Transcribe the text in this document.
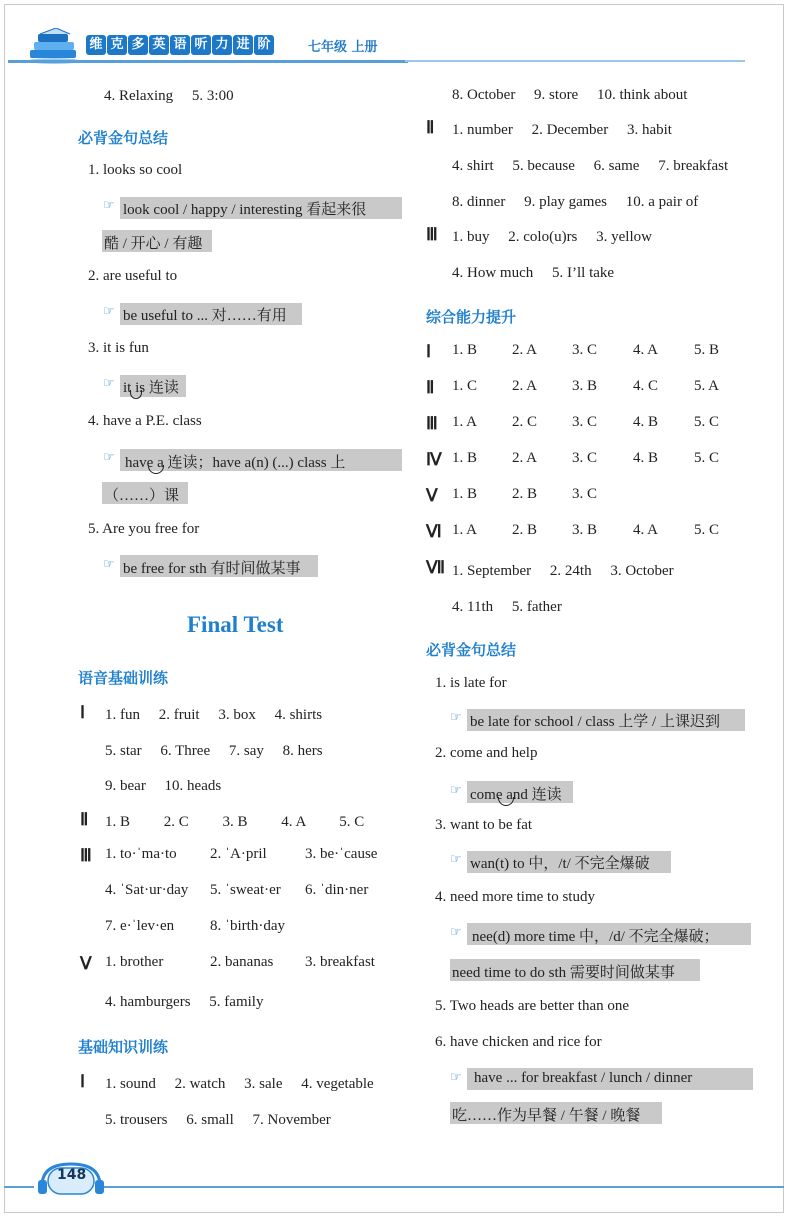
维 克 多 英 语 听 力 进 阶	七年级 上册
4. Relaxing　 5. 3:00
必背金句总结
1. looks so cool
☞ look cool / happy / interesting 看起来很
酷 / 开心 / 有趣
2. are useful to
☞ be useful to ... 对……有用
3. it is fun
☞ it is 连读
4. have a P.E. class
☞ have a 连读；have a(n) (...) class 上
（……）课
5. Are you free for
☞ be free for sth 有时间做某事
Final Test
语音基础训练
Ⅰ 1. fun　 2. fruit　 3. box　 4. shirts
5. star　 6. Three　 7. say　 8. hers
9. bear　 10. heads
Ⅱ 1. B　　 2. C　　 3. B　　 4. A　　 5. C
Ⅲ 1. to·ˈma·to 2. ˈA·pril	3. be·ˈcause
4. ˈSat·ur·day 5. ˈsweat·er 6. ˈdin·ner
7. e·ˈlev·en 8. ˈbirth·day
Ⅴ 1. brother	2. bananas 3. breakfast
4. hamburgers　 5. family
基础知识训练
Ⅰ 1. sound　 2. watch　 3. sale　 4. vegetable
5. trousers　 6. small　 7. November
8. October　 9. store　 10. think about
Ⅱ 1. number　 2. December　 3. habit
4. shirt　 5. because　 6. same　 7. breakfast
8. dinner　 9. play games　 10. a pair of
Ⅲ 1. buy　 2. colo(u)rs　 3. yellow
4. How much　 5. I’ll take
综合能力提升
Ⅰ 1. B 2. A 3. C 4. A 5. B
Ⅱ 1. C 2. A 3. B 4. C 5. A
Ⅲ 1. A 2. C 3. C 4. B 5. C
Ⅳ 1. B 2. A 3. C 4. B 5. C
Ⅴ 1. B 2. B 3. C
Ⅵ 1. A 2. B 3. B 4. A 5. C
Ⅶ 1. September　 2. 24th　 3. October
4. 11th　 5. father
必背金句总结
1. is late for
☞ be late for school / class 上学 / 上课迟到
2. come and help
☞ come and 连读
3. want to be fat
☞ wan(t) to 中，/t/ 不完全爆破
4. need more time to study
☞ nee(d) more time 中，/d/ 不完全爆破；
need time to do sth 需要时间做某事
5. Two heads are better than one
6. have chicken and rice for
☞ have ... for breakfast / lunch / dinner
吃……作为早餐 / 午餐 / 晚餐
148
